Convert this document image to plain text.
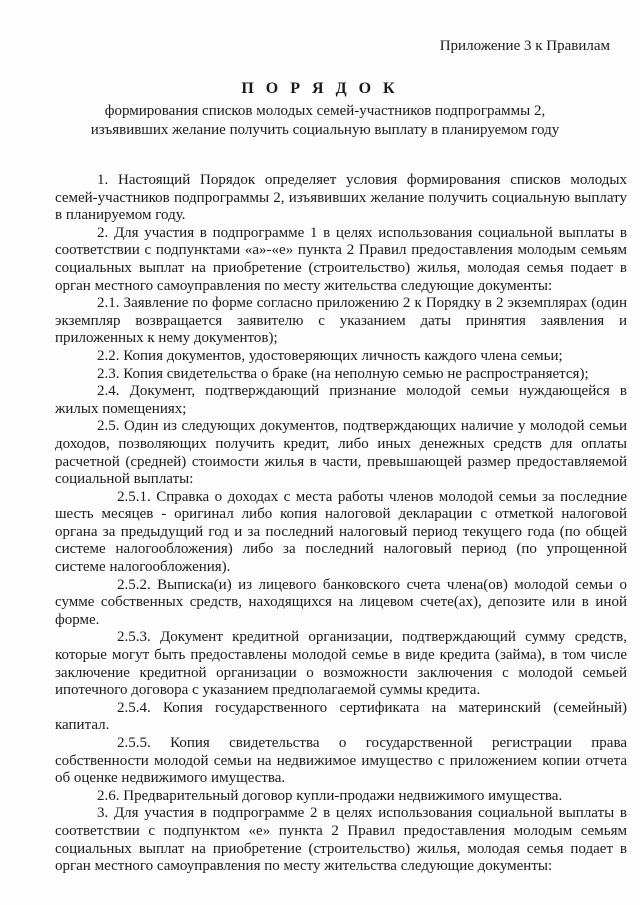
Приложение 3 к Правилам
П О Р Я Д О К
формирования списков молодых семей-участников подпрограммы 2, изъявивших желание получить социальную выплату в планируемом году

1. Настоящий Порядок определяет условия формирования списков молодых семей-участников подпрограммы 2, изъявивших желание получить социальную выплату в планируемом году.

2. Для участия в подпрограмме 1 в целях использования социальной выплаты в соответствии с подпунктами «а»-«е» пункта 2 Правил предоставления молодым семьям социальных выплат на приобретение (строительство) жилья, молодая семья подает в орган местного самоуправления по месту жительства следующие документы:

2.1. Заявление по форме согласно приложению 2 к Порядку в 2 экземплярах (один экземпляр возвращается заявителю с указанием даты принятия заявления и приложенных к нему документов);

2.2. Копия документов, удостоверяющих личность каждого члена семьи;

2.3. Копия свидетельства о браке (на неполную семью не распространяется);

2.4. Документ, подтверждающий признание молодой семьи нуждающейся в жилых помещениях;

2.5. Один из следующих документов, подтверждающих наличие у молодой семьи доходов, позволяющих получить кредит, либо иных денежных средств для оплаты расчетной (средней) стоимости жилья в части, превышающей размер предоставляемой социальной выплаты:

2.5.1. Справка о доходах с места работы членов молодой семьи за последние шесть месяцев - оригинал либо копия налоговой декларации с отметкой налоговой органа за предыдущий год и за последний налоговый период текущего года (по общей системе налогообложения) либо за последний налоговый период (по упрощенной системе налогообложения).

2.5.2. Выписка(и) из лицевого банковского счета члена(ов) молодой семьи о сумме собственных средств, находящихся на лицевом счете(ах), депозите или в иной форме.

2.5.3. Документ кредитной организации, подтверждающий сумму средств, которые могут быть предоставлены молодой семье в виде кредита (займа), в том числе заключение кредитной организации о возможности заключения с молодой семьей ипотечного договора с указанием предполагаемой суммы кредита.

2.5.4. Копия государственного сертификата на материнский (семейный) капитал.

2.5.5. Копия свидетельства о государственной регистрации права собственности молодой семьи на недвижимое имущество с приложением копии отчета об оценке недвижимого имущества.

2.6. Предварительный договор купли-продажи недвижимого имущества.

3. Для участия в подпрограмме 2 в целях использования социальной выплаты в соответствии с подпунктом «е» пункта 2 Правил предоставления молодым семьям социальных выплат на приобретение (строительство) жилья, молодая семья подает в орган местного самоуправления по месту жительства следующие документы:
